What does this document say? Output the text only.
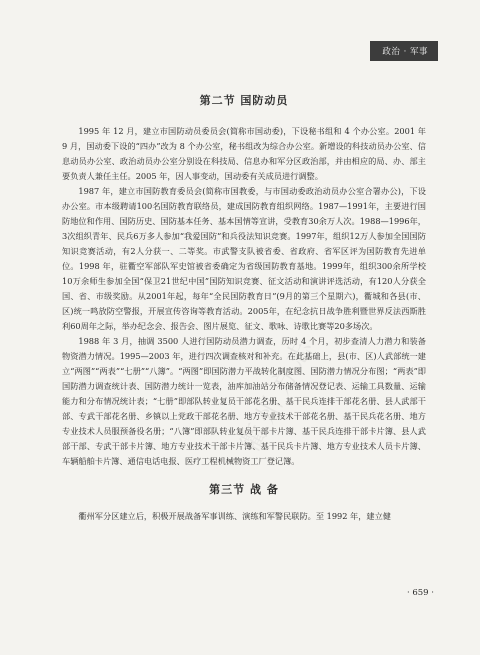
政治 · 军事
衢州方志
第二节 国防动员

1995 年 12 月，建立市国防动员委员会(简称市国动委)，下设秘书组和 4 个办公室。2001 年 9 月，国动委下设的“四办”改为 8 个办公室，秘书组改为综合办公室。新增设的科技动员办公室、信息动员办公室、政治动员办公室分别设在科技局、信息办和军分区政治部，并由相应的局、办、部主要负责人兼任主任。2005 年，因人事变动，国动委有关成员进行调整。

1987 年，建立市国防教育委员会(简称市国教委，与市国动委政治动员办公室合署办公)，下设办公室。市本级聘请100名国防教育联络员，建成国防教育组织网络。1987—1991年，主要进行国防地位和作用、国防历史、国防基本任务、基本国情等宣讲，受教育30余万人次。1988—1996年，3次组织青年、民兵6万多人参加“我爱国防”和兵役法知识竞赛。1997年，组织12万人参加全国国防知识竞赛活动，有2人分获一、二等奖。市武警支队被省委、省政府、省军区评为国防教育先进单位。1998 年，驻衢空军部队军史馆被省委确定为省级国防教育基地。1999年，组织300余所学校10万余师生参加全国“保卫21世纪中国”国防知识竞赛、征文活动和演讲评选活动，有120人分获全国、省、市级奖励。从2001年起，每年“全民国防教育日”(9月的第三个星期六)，衢城和各县(市、区)统一鸣放防空警报，开展宣传咨询等教育活动。2005年，在纪念抗日战争胜利暨世界反法西斯胜利60周年之际，举办纪念会、报告会、图片展览、征文、歌咏、诗歌比赛等20多场次。

1988 年 3 月，抽调 3500 人进行国防动员潜力调查，历时 4 个月，初步查清人力潜力和装备物资潜力情况。1995—2003 年，进行四次调查核对和补充。在此基础上，县(市、区)人武部统一建立“两图”“两表”“七册”“八簿”。“两图”即国防潜力平战转化制度图、国防潜力情况分布图；“两表”即国防潜力调查统计表、国防潜力统计一览表，油库加油站分布储备情况登记表、运输工具数量、运输能力和分布情况统计表；“七册”即部队转业复员干部花名册、基干民兵连排干部花名册、县人武部干部、专武干部花名册、乡镇以上党政干部花名册、地方专业技术干部花名册、基干民兵花名册、地方专业技术人员服预备役名册；“八簿”即部队转业复员干部卡片簿、基干民兵连排干部卡片簿、县人武部干部、专武干部卡片簿、地方专业技术干部卡片簿、基干民兵卡片簿、地方专业技术人员卡片簿、车辆船舶卡片簿、通信电话电报、医疗工程机械物资工厂登记簿。

第三节 战 备

衢州军分区建立后，积极开展战备军事训练、演练和军警民联防。至 1992 年，建立健

· 659 ·
